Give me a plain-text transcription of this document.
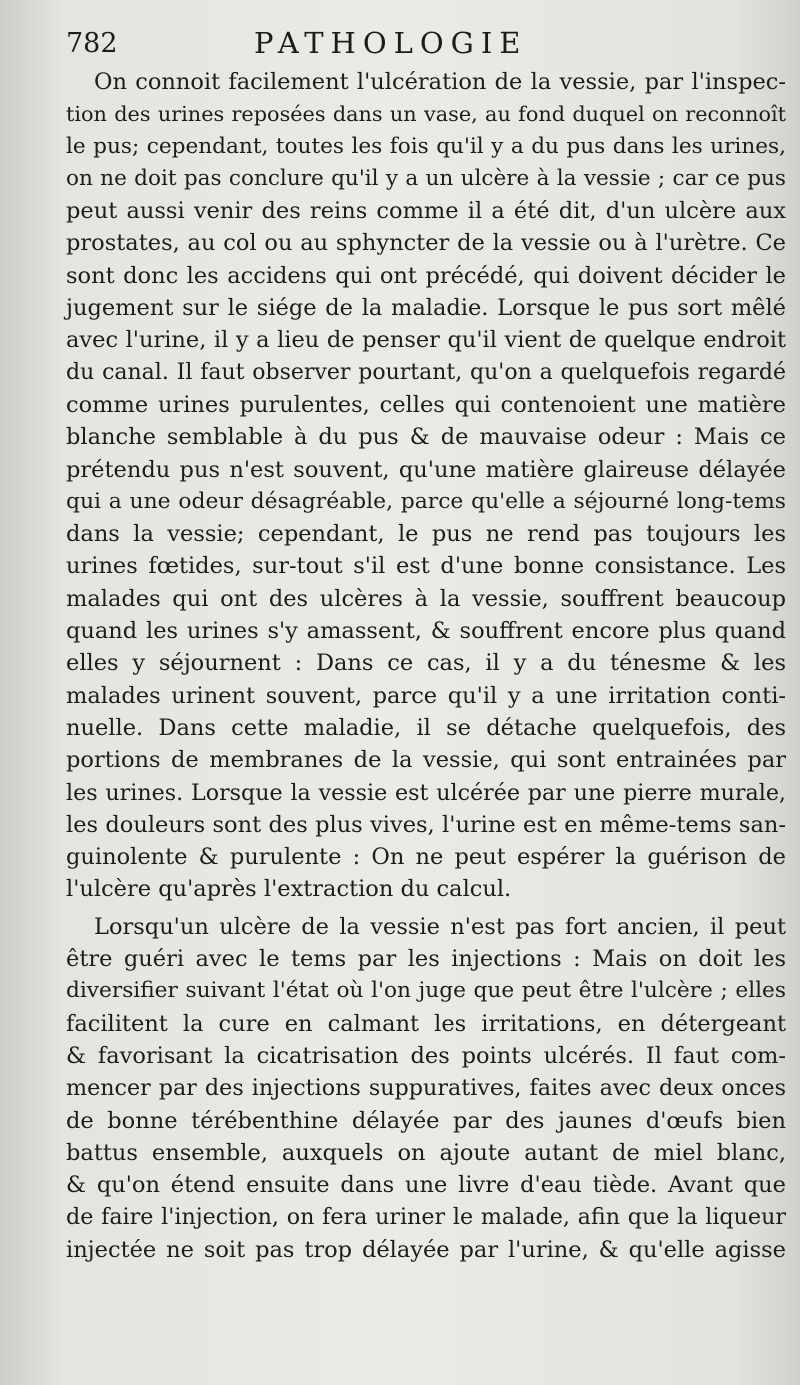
782	PATHOLOGIE
On connoit facilement l'ulcération de la vessie, par l'inspec-
tion des urines reposées dans un vase, au fond duquel on reconnoît
le pus; cependant, toutes les fois qu'il y a du pus dans les urines,
on ne doit pas conclure qu'il y a un ulcère à la vessie ; car ce pus
peut aussi venir des reins comme il a été dit, d'un ulcère aux
prostates, au col ou au sphyncter de la vessie ou à l'urètre. Ce
sont donc les accidens qui ont précédé, qui doivent décider le
jugement sur le siége de la maladie. Lorsque le pus sort mêlé
avec l'urine, il y a lieu de penser qu'il vient de quelque endroit
du canal. Il faut observer pourtant, qu'on a quelquefois regardé
comme urines purulentes, celles qui contenoient une matière
blanche semblable à du pus & de mauvaise odeur : Mais ce
prétendu pus n'est souvent, qu'une matière glaireuse délayée
qui a une odeur désagréable, parce qu'elle a séjourné long-tems
dans la vessie; cependant, le pus ne rend pas toujours les
urines fœtides, sur-tout s'il est d'une bonne consistance. Les
malades qui ont des ulcères à la vessie, souffrent beaucoup
quand les urines s'y amassent, & souffrent encore plus quand
elles y séjournent : Dans ce cas, il y a du ténesme & les
malades urinent souvent, parce qu'il y a une irritation conti-
nuelle. Dans cette maladie, il se détache quelquefois, des
portions de membranes de la vessie, qui sont entrainées par
les urines. Lorsque la vessie est ulcérée par une pierre murale,
les douleurs sont des plus vives, l'urine est en même-tems san-
guinolente & purulente : On ne peut espérer la guérison de
l'ulcère qu'après l'extraction du calcul.
Lorsqu'un ulcère de la vessie n'est pas fort ancien, il peut
être guéri avec le tems par les injections : Mais on doit les
diversifier suivant l'état où l'on juge que peut être l'ulcère ; elles
facilitent la cure en calmant les irritations, en détergeant
& favorisant la cicatrisation des points ulcérés. Il faut com-
mencer par des injections suppuratives, faites avec deux onces
de bonne térébenthine délayée par des jaunes d'œufs bien
battus ensemble, auxquels on ajoute autant de miel blanc,
& qu'on étend ensuite dans une livre d'eau tiède. Avant que
de faire l'injection, on fera uriner le malade, afin que la liqueur
injectée ne soit pas trop délayée par l'urine, & qu'elle agisse
